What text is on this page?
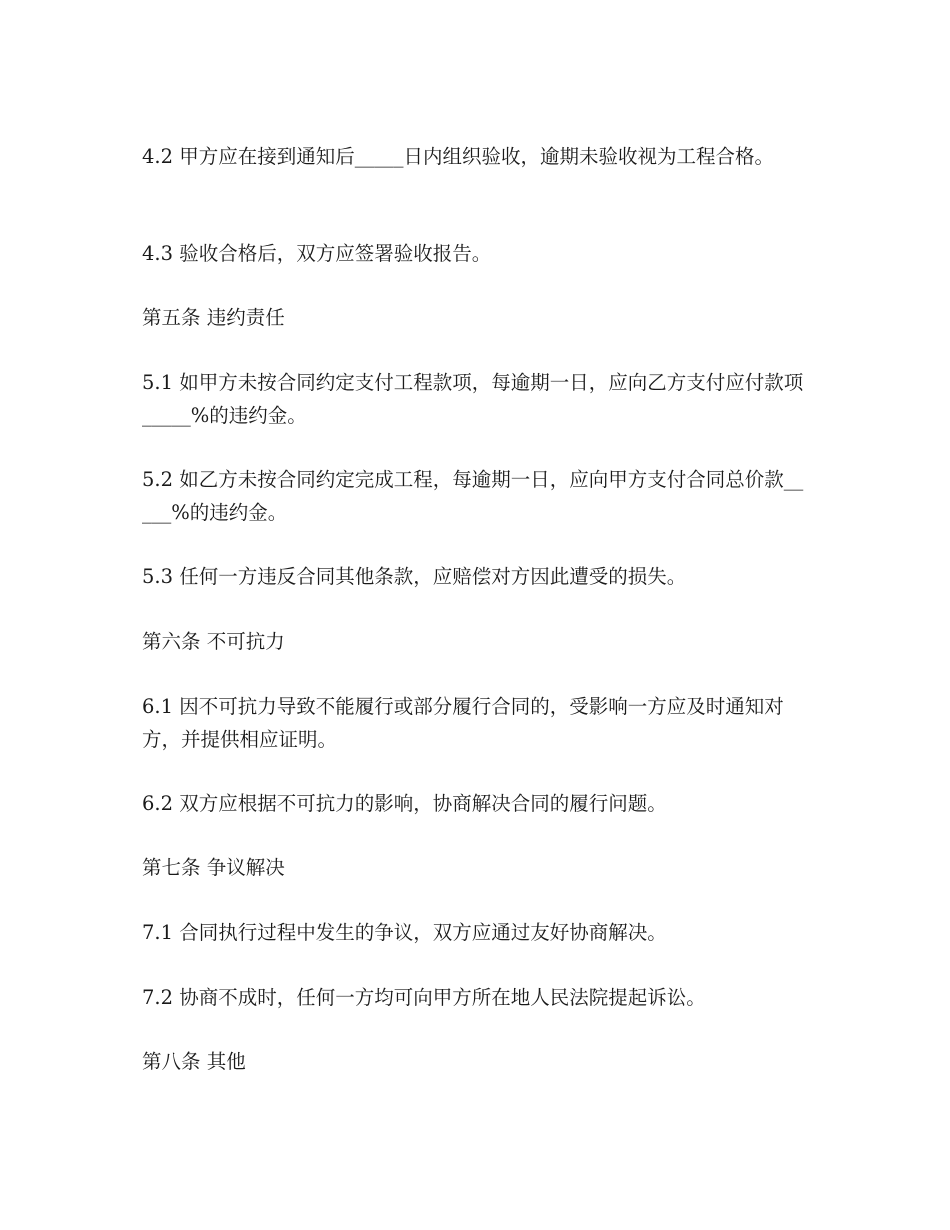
4.2 甲方应在接到通知后_____日内组织验收，逾期未验收视为工程合格。

4.3 验收合格后，双方应签署验收报告。

第五条 违约责任

5.1 如甲方未按合同约定支付工程款项，每逾期一日，应向乙方支付应付款项_____%的违约金。

5.2 如乙方未按合同约定完成工程，每逾期一日，应向甲方支付合同总价款_____%的违约金。

5.3 任何一方违反合同其他条款，应赔偿对方因此遭受的损失。

第六条 不可抗力

6.1 因不可抗力导致不能履行或部分履行合同的，受影响一方应及时通知对方，并提供相应证明。

6.2 双方应根据不可抗力的影响，协商解决合同的履行问题。

第七条 争议解决

7.1 合同执行过程中发生的争议，双方应通过友好协商解决。

7.2 协商不成时，任何一方均可向甲方所在地人民法院提起诉讼。

第八条 其他
